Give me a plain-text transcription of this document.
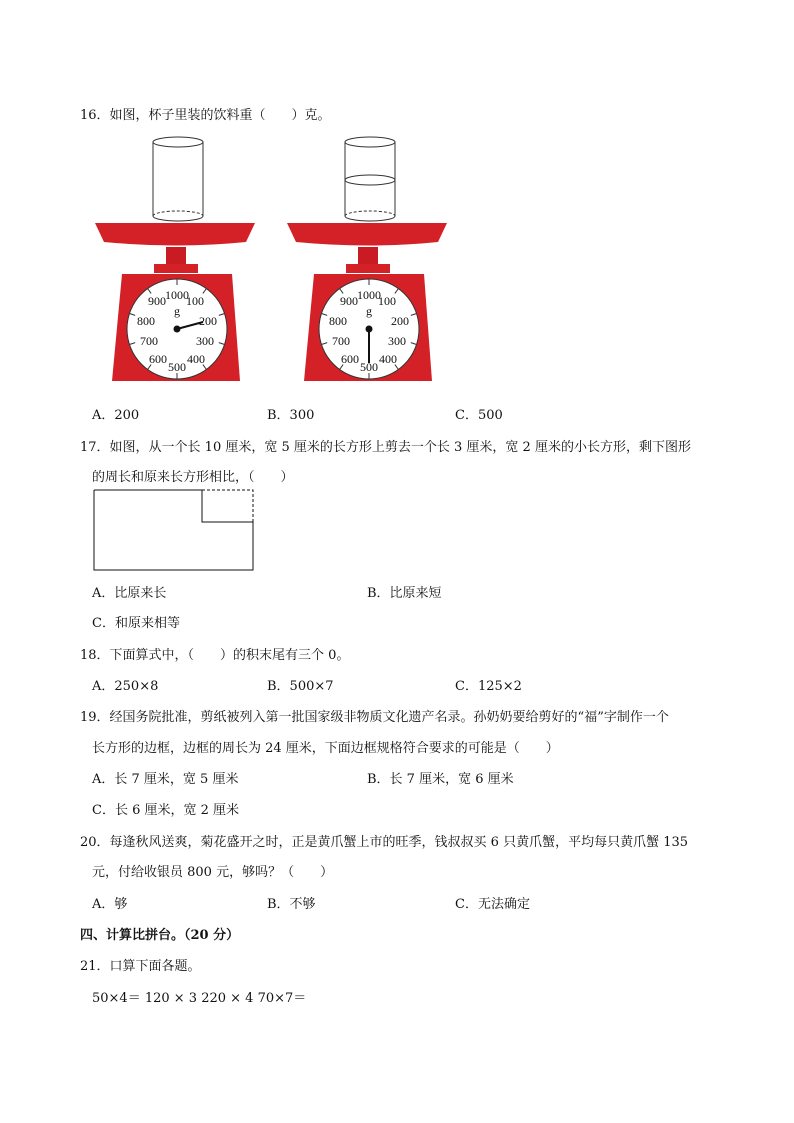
16．如图，杯子里装的饮料重（　　）克。
1000
100
200
300
400
500
600
700
800
900
g
1000
100
200
300
400
500
600
700
800
900
g
A．200	B．300	C．500
17．如图，从一个长 10 厘米，宽 5 厘米的长方形上剪去一个长 3 厘米，宽 2 厘米的小长方形，剩下图形
的周长和原来长方形相比，（　　）
A．比原来长	B．比原来短
C．和原来相等
18．下面算式中，（　　）的积末尾有三个 0。
A．250×8	B．500×7	C．125×2
19．经国务院批准，剪纸被列入第一批国家级非物质文化遗产名录。孙奶奶要给剪好的“福”字制作一个
长方形的边框，边框的周长为 24 厘米，下面边框规格符合要求的可能是（　　）
A．长 7 厘米，宽 5 厘米	B．长 7 厘米，宽 6 厘米
C．长 6 厘米，宽 2 厘米
20．每逢秋风送爽，菊花盛开之时，正是黄爪蟹上市的旺季，钱叔叔买 6 只黄爪蟹，平均每只黄爪蟹 135
元，付给收银员 800 元，够吗？（　　）
A．够	B．不够	C．无法确定
四、计算比拼台。（20 分）
21．口算下面各题。
50×4＝ 120 × 3 220 × 4 70×7＝
